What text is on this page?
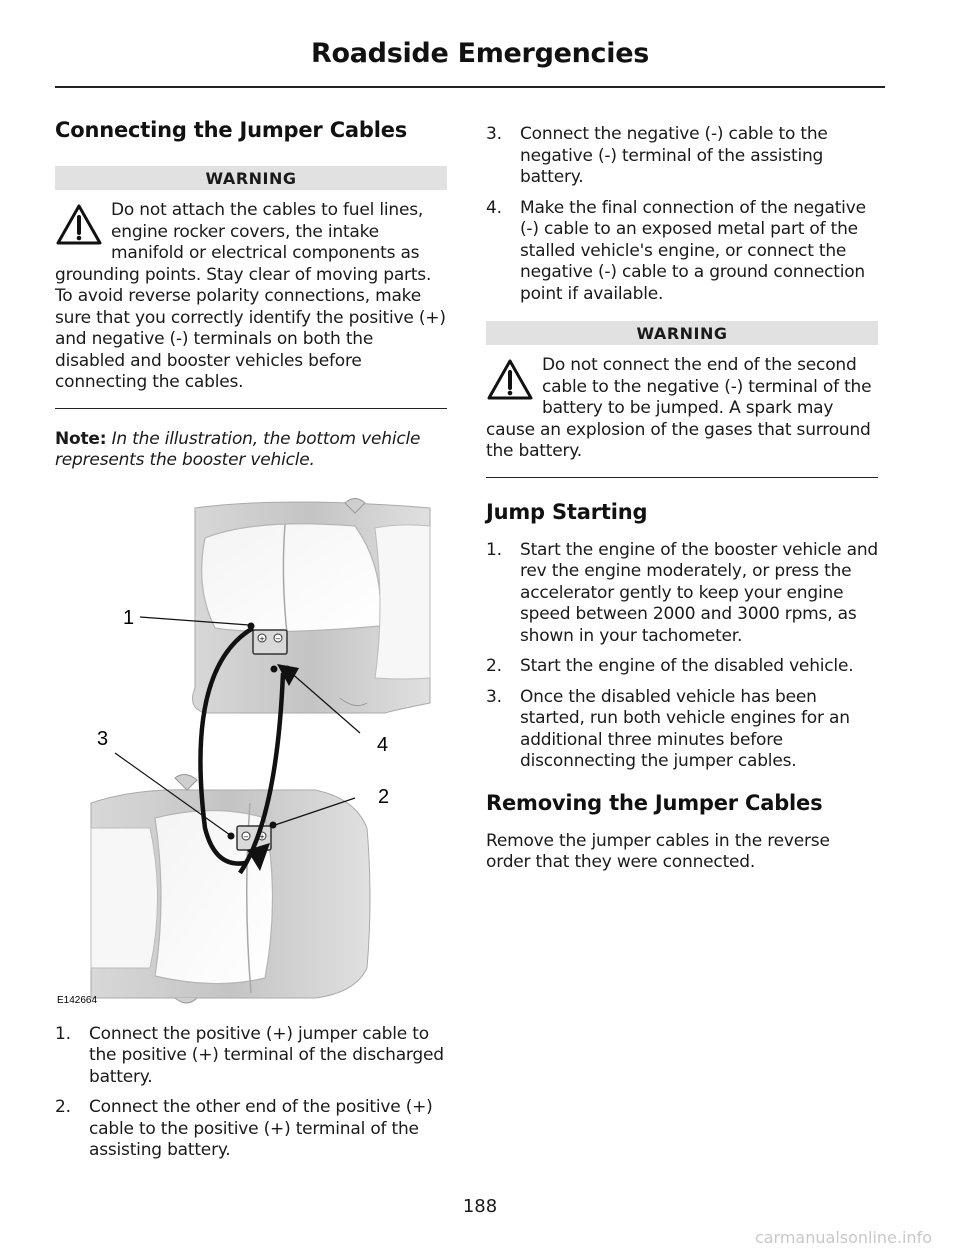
Roadside Emergencies
Connecting the Jumper Cables
WARNING
Do not attach the cables to fuel lines, engine rocker covers, the intake manifold or electrical components as grounding points. Stay clear of moving parts. To avoid reverse polarity connections, make sure that you correctly identify the positive (+) and negative (-) terminals on both the disabled and booster vehicles before connecting the cables.

Note: In the illustration, the bottom vehicle represents the booster vehicle.

+ −
− +
1
4
3
2
E142664
1. Connect the positive (+) jumper cable to the positive (+) terminal of the discharged battery.
2. Connect the other end of the positive (+) cable to the positive (+) terminal of the assisting battery.
3. Connect the negative (-) cable to the negative (-) terminal of the assisting battery.
4. Make the final connection of the negative (-) cable to an exposed metal part of the stalled vehicle's engine, or connect the negative (-) cable to a ground connection point if available.
WARNING
Do not connect the end of the second cable to the negative (-) terminal of the battery to be jumped. A spark may cause an explosion of the gases that surround the battery.
Jump Starting
1. Start the engine of the booster vehicle and rev the engine moderately, or press the accelerator gently to keep your engine speed between 2000 and 3000 rpms, as shown in your tachometer.
2. Start the engine of the disabled vehicle.
3. Once the disabled vehicle has been started, run both vehicle engines for an additional three minutes before disconnecting the jumper cables.
Removing the Jumper Cables

Remove the jumper cables in the reverse order that they were connected.

188
carmanualsonline.info
